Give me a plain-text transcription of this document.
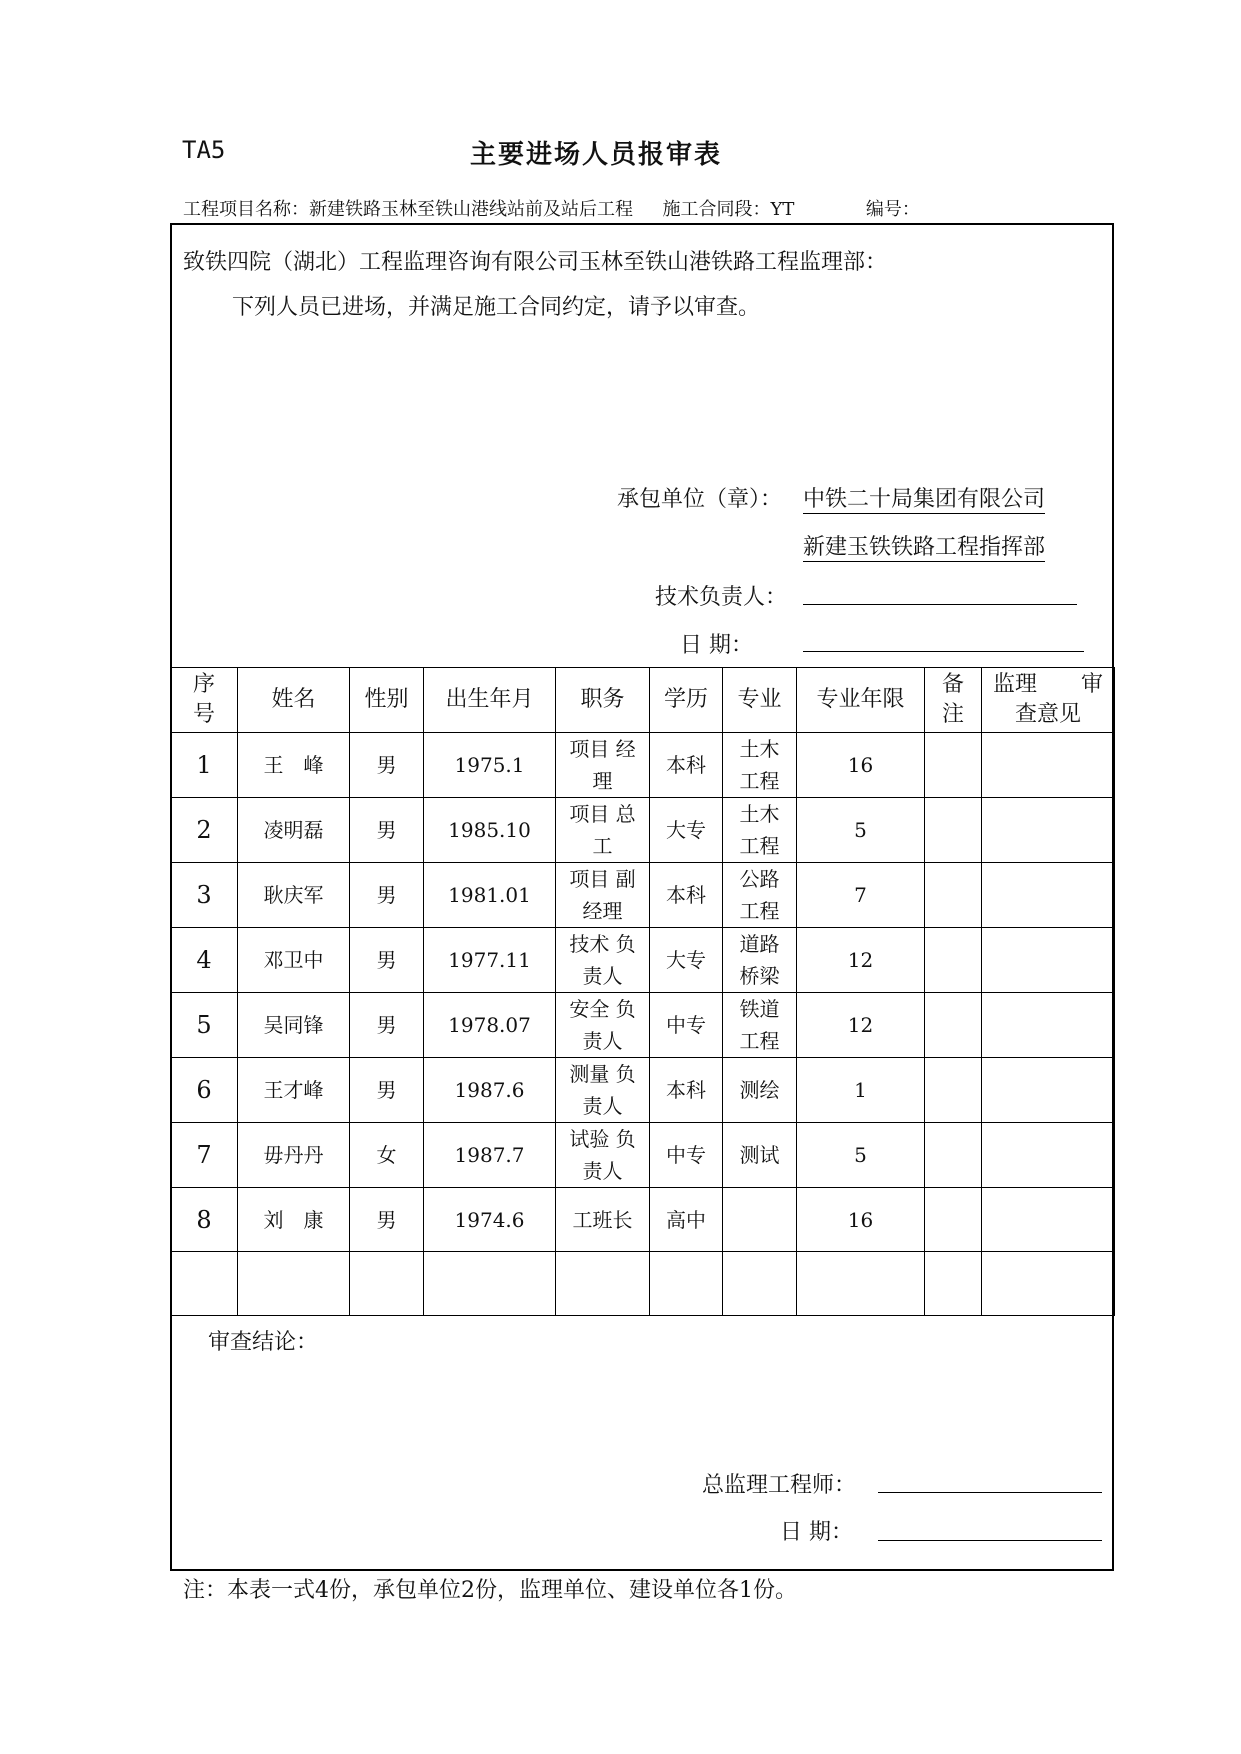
TA5	主要进场人员报审表
工程项目名称：新建铁路玉林至铁山港线站前及站后工程 施工合同段：YT	编号：
致铁四院（湖北）工程监理咨询有限公司玉林至铁山港铁路工程监理部：
下列人员已进场，并满足施工合同约定，请予以审查。
承包单位（章）： 中铁二十局集团有限公司
新建玉铁铁路工程指挥部
技术负责人：
日 期：
序号	姓名	性别	出生年月	职务	学历	专业	专业年限	备注	监理　　审查意见
1	王　峰	男	1975.1	项目 经理	本科	土木工程	16		
2	凌明磊	男	1985.10	项目 总工	大专	土木工程	5		
3	耿庆军	男	1981.01	项目 副经理	本科	公路工程	7		
4	邓卫中	男	1977.11	技术 负责人	大专	道路桥梁	12		
5	吴同锋	男	1978.07	安全 负责人	中专	铁道工程	12		
6	王才峰	男	1987.6	测量 负责人	本科	测绘	1		
7	毋丹丹	女	1987.7	试验 负责人	中专	测试	5		
8	刘　康	男	1974.6	工班长	高中		16		

审查结论：
总监理工程师：
日 期：
注：本表一式4份，承包单位2份，监理单位、建设单位各1份。
